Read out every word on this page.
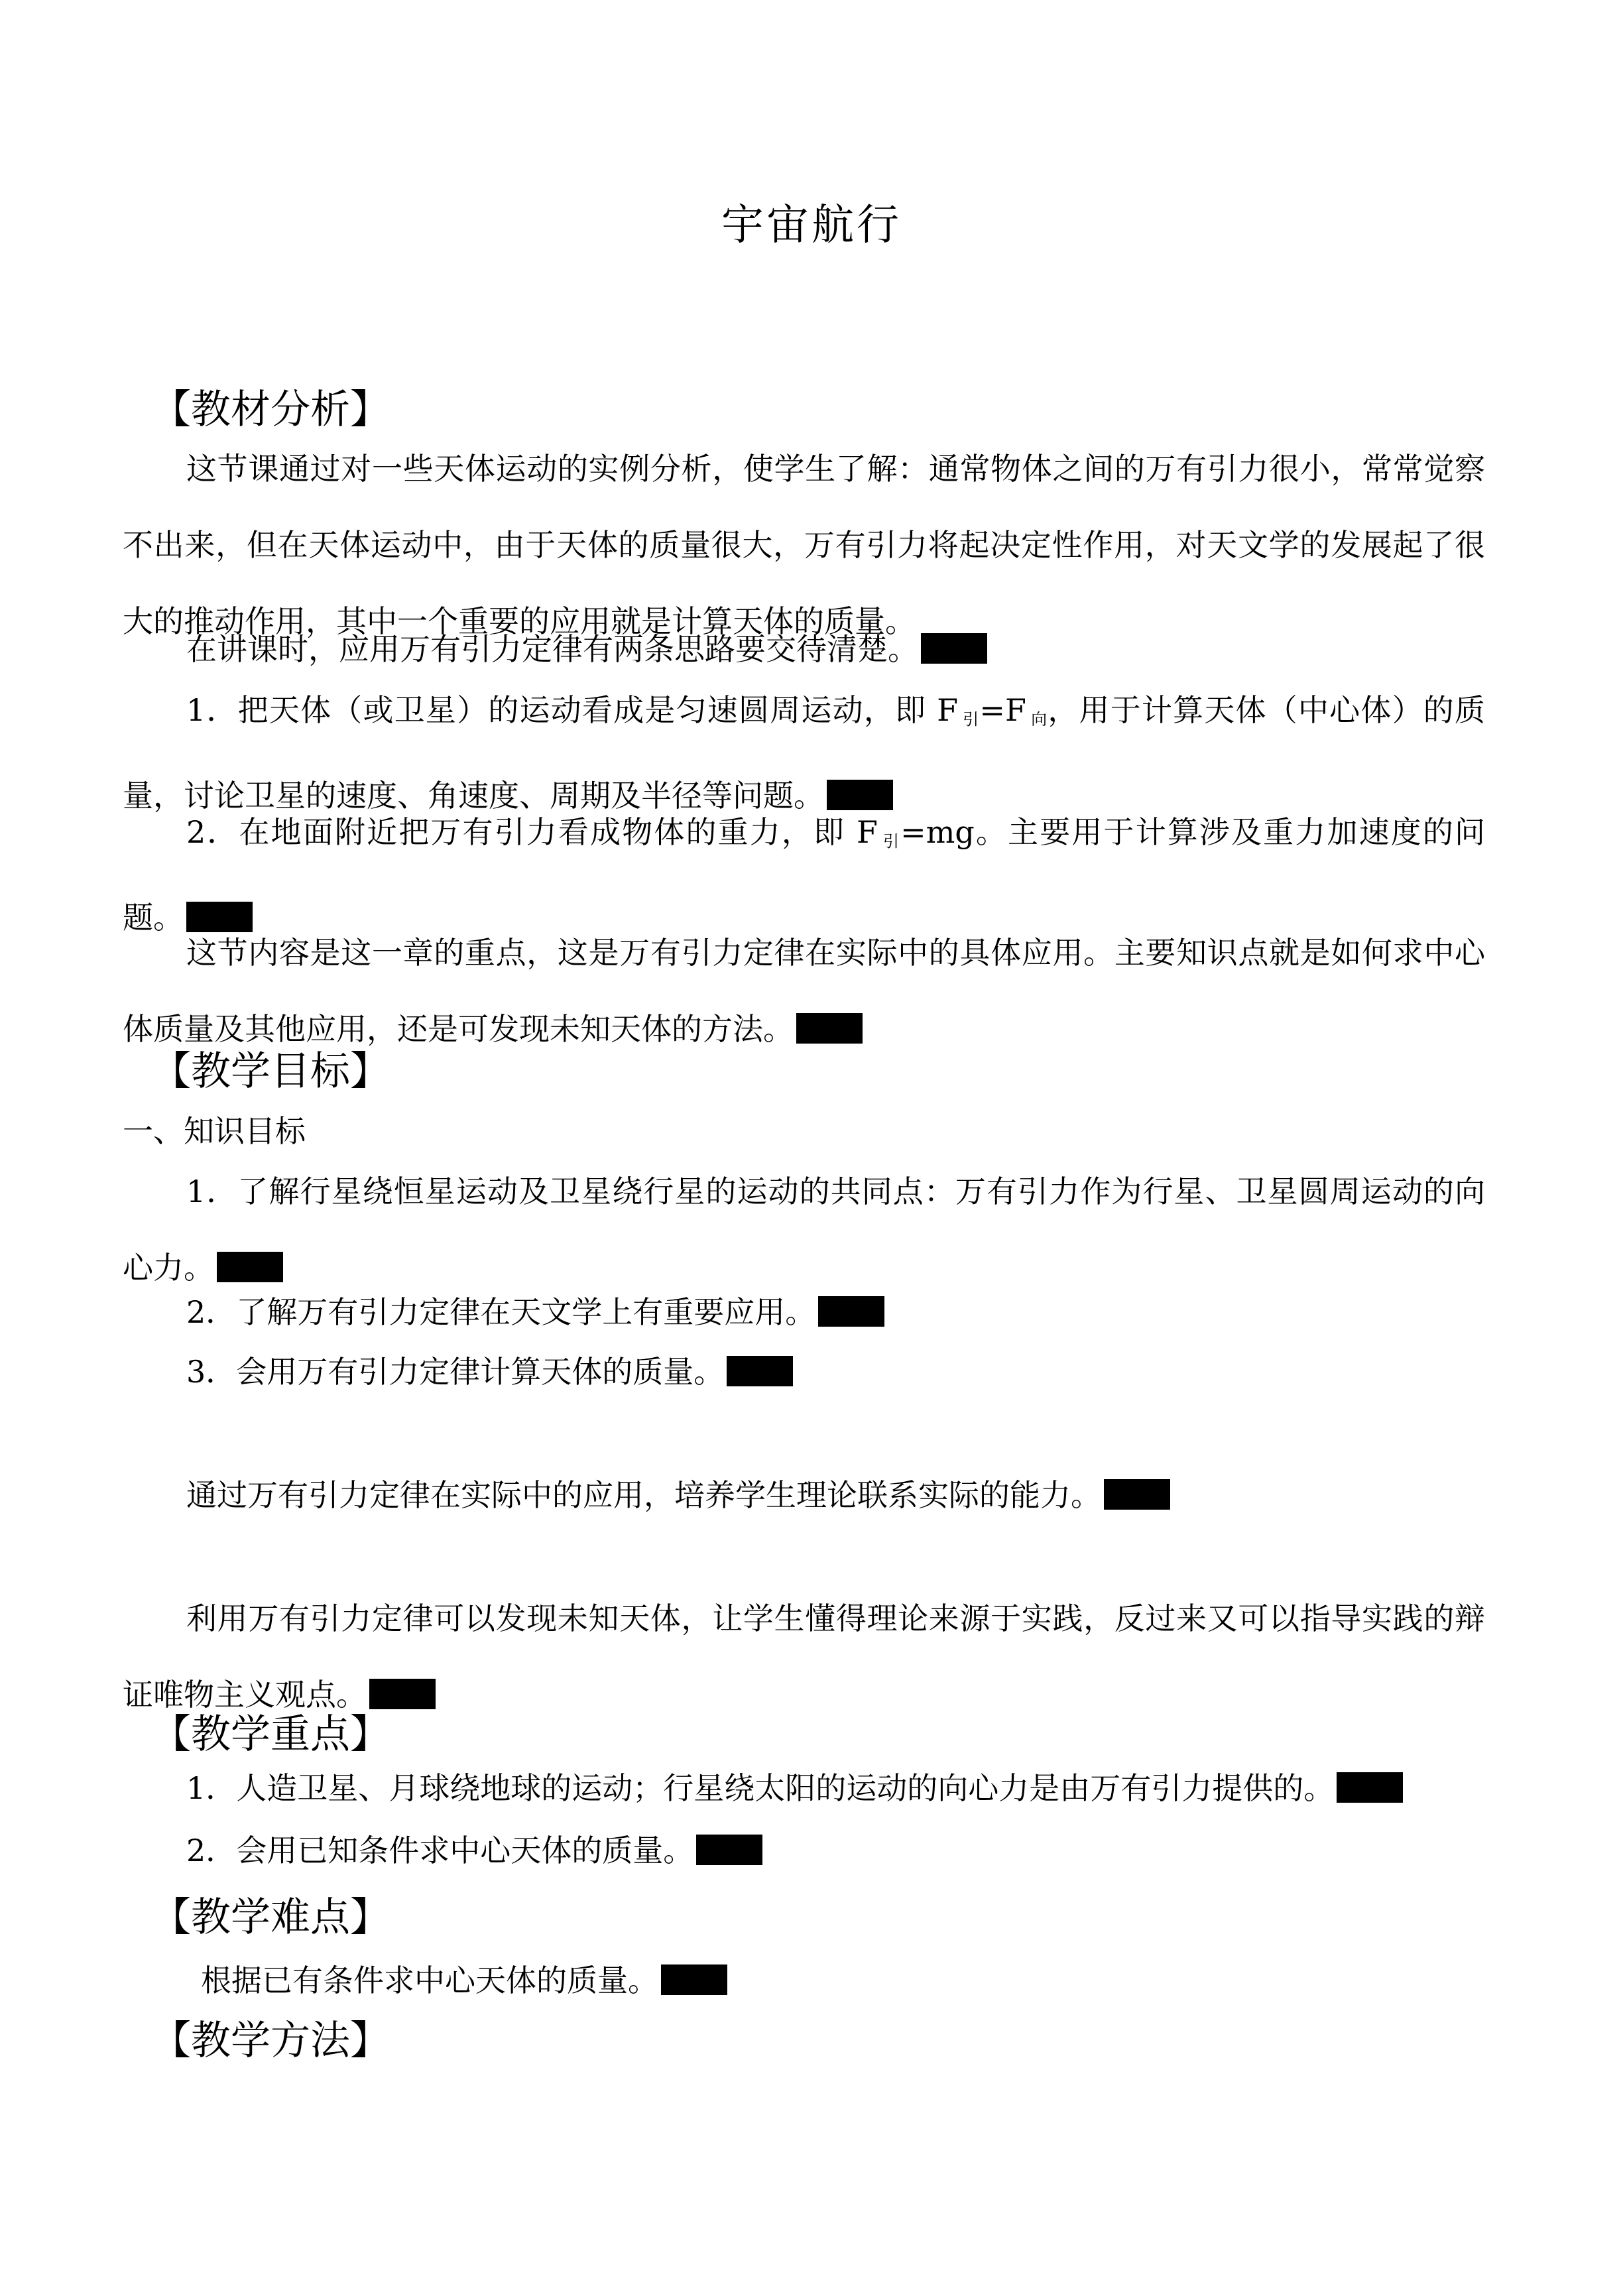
宇宙航行
【教材分析】
这节课通过对一些天体运动的实例分析，使学生了解：通常物体之间的万有引力很小，常常觉察不出来，但在天体运动中，由于天体的质量很大，万有引力将起决定性作用，对天文学的发展起了很大的推动作用，其中一个重要的应用就是计算天体的质量。
在讲课时，应用万有引力定律有两条思路要交待清楚。
1．把天体（或卫星）的运动看成是匀速圆周运动，即 F $_引$=F $_向$，用于计算天体（中心体）的质量，讨论卫星的速度、角速度、周期及半径等问题。
2．在地面附近把万有引力看成物体的重力，即 F $_引$=mg。主要用于计算涉及重力加速度的问题。
这节内容是这一章的重点，这是万有引力定律在实际中的具体应用。主要知识点就是如何求中心体质量及其他应用，还是可发现未知天体的方法。
【教学目标】
一、知识目标
1．了解行星绕恒星运动及卫星绕行星的运动的共同点：万有引力作为行星、卫星圆周运动的向心力。
2．了解万有引力定律在天文学上有重要应用。
3．会用万有引力定律计算天体的质量。
通过万有引力定律在实际中的应用，培养学生理论联系实际的能力。
利用万有引力定律可以发现未知天体，让学生懂得理论来源于实践，反过来又可以指导实践的辩证唯物主义观点。
【教学重点】
1．人造卫星、月球绕地球的运动；行星绕太阳的运动的向心力是由万有引力提供的。
2．会用已知条件求中心天体的质量。
【教学难点】
根据已有条件求中心天体的质量。
【教学方法】
